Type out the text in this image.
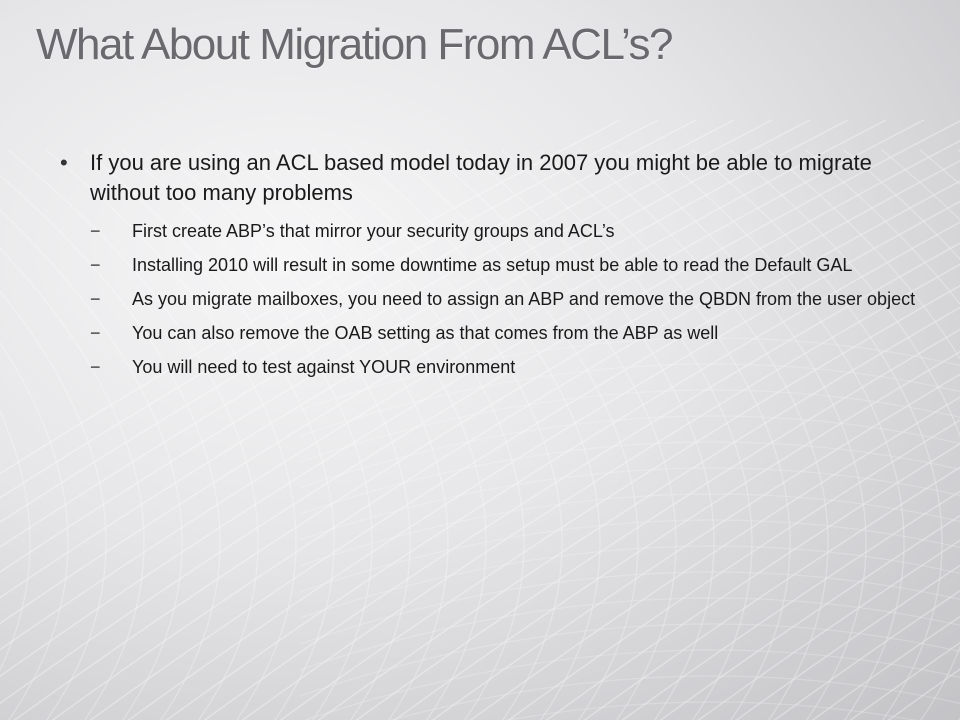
What About Migration From ACL’s?
• If you are using an ACL based model today in 2007 you might be able to migrate without too many problems
− First create ABP’s that mirror your security groups and ACL’s
− Installing 2010 will result in some downtime as setup must be able to read the Default GAL
− As you migrate mailboxes, you need to assign an ABP and remove the QBDN from the user object
− You can also remove the OAB setting as that comes from the ABP as well
− You will need to test against YOUR environment
